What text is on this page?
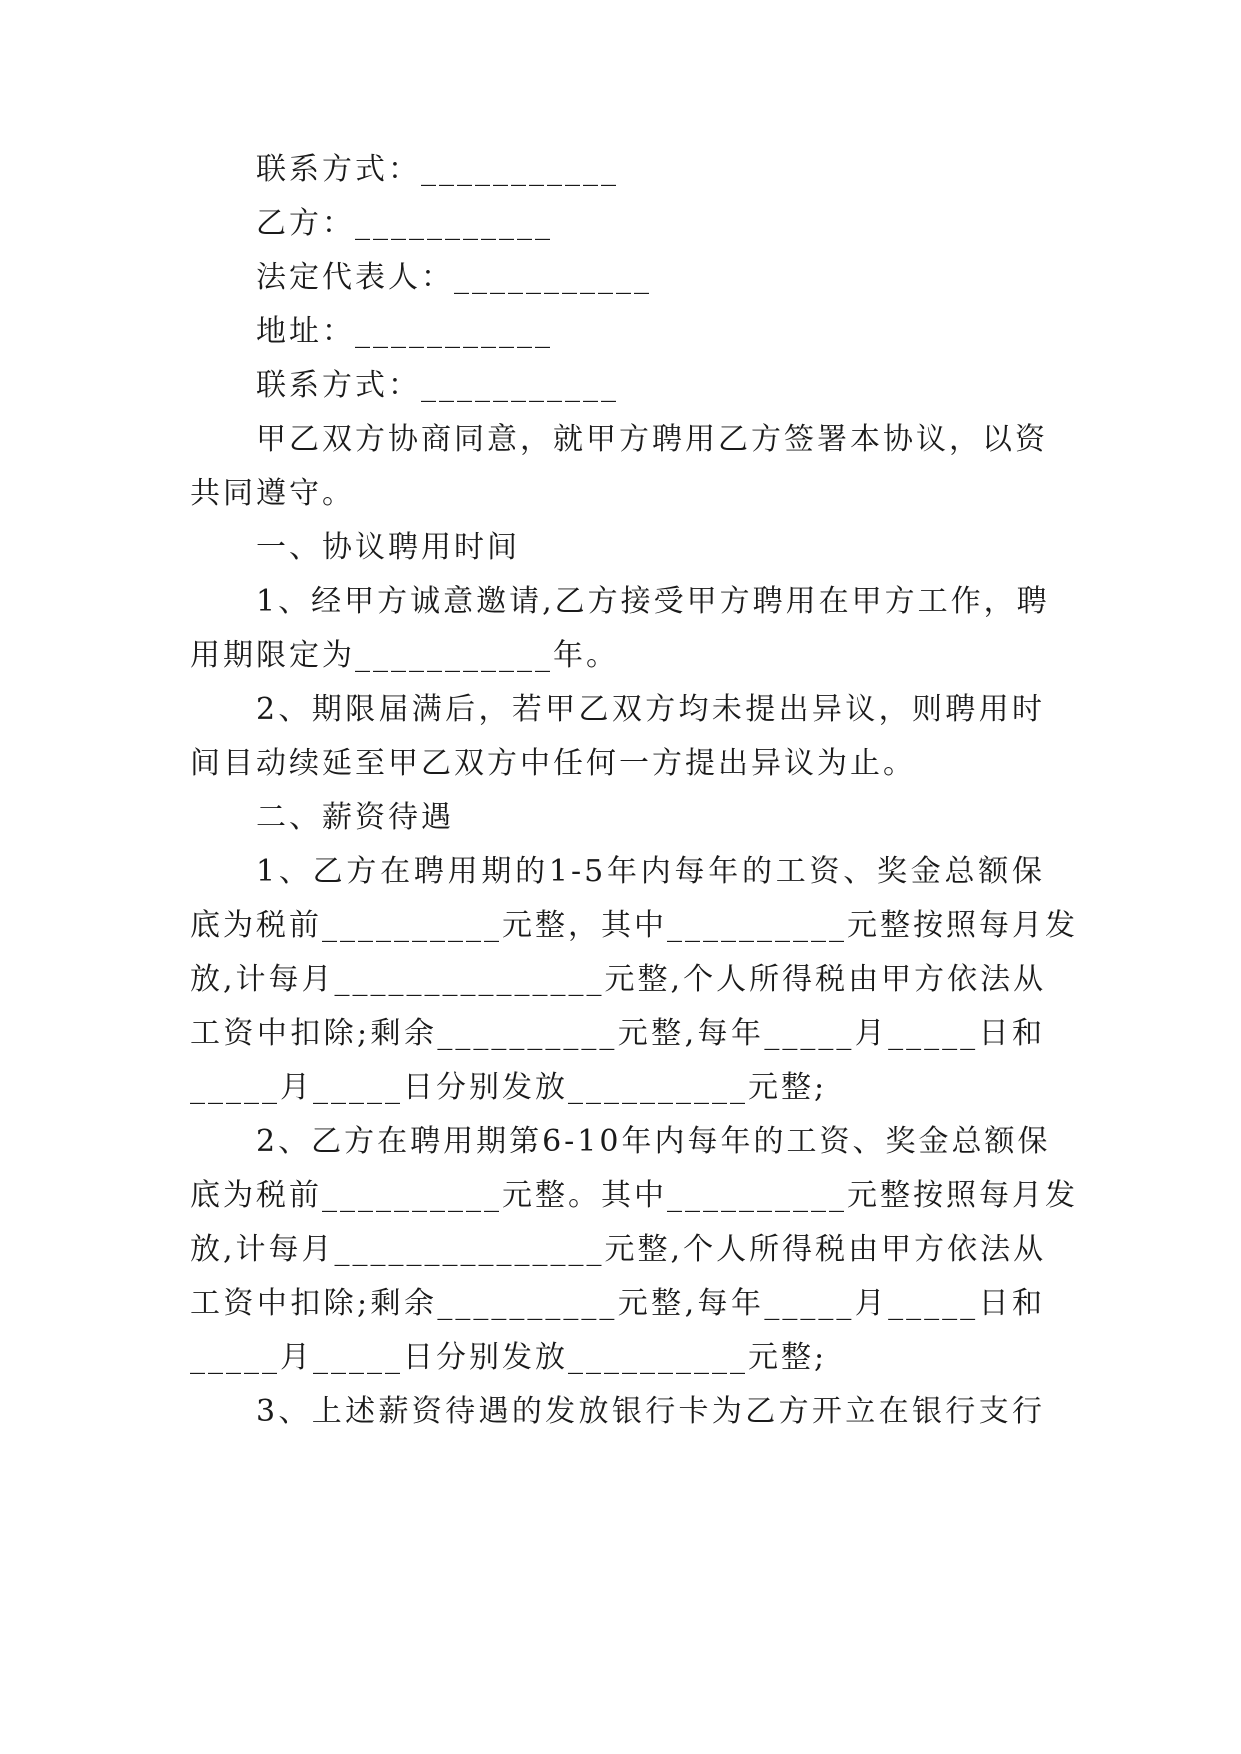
联系方式：___________
乙方：___________
法定代表人：___________
地址：___________
联系方式：___________
甲乙双方协商同意，就甲方聘用乙方签署本协议，以资
共同遵守。
一、协议聘用时间
1、经甲方诚意邀请,乙方接受甲方聘用在甲方工作，聘
用期限定为___________年。
2、期限届满后，若甲乙双方均未提出异议，则聘用时
间目动续延至甲乙双方中任何一方提出异议为止。
二、薪资待遇
1、乙方在聘用期的1-5年内每年的工资、奖金总额保
底为税前__________元整，其中__________元整按照每月发
放,计每月_______________元整,个人所得税由甲方依法从
工资中扣除;剩余__________元整,每年_____月_____日和
_____月_____日分别发放__________元整;
2、乙方在聘用期第6-10年内每年的工资、奖金总额保
底为税前__________元整。其中__________元整按照每月发
放,计每月_______________元整,个人所得税由甲方依法从
工资中扣除;剩余__________元整,每年_____月_____日和
_____月_____日分别发放__________元整;
3、上述薪资待遇的发放银行卡为乙方开立在银行支行
